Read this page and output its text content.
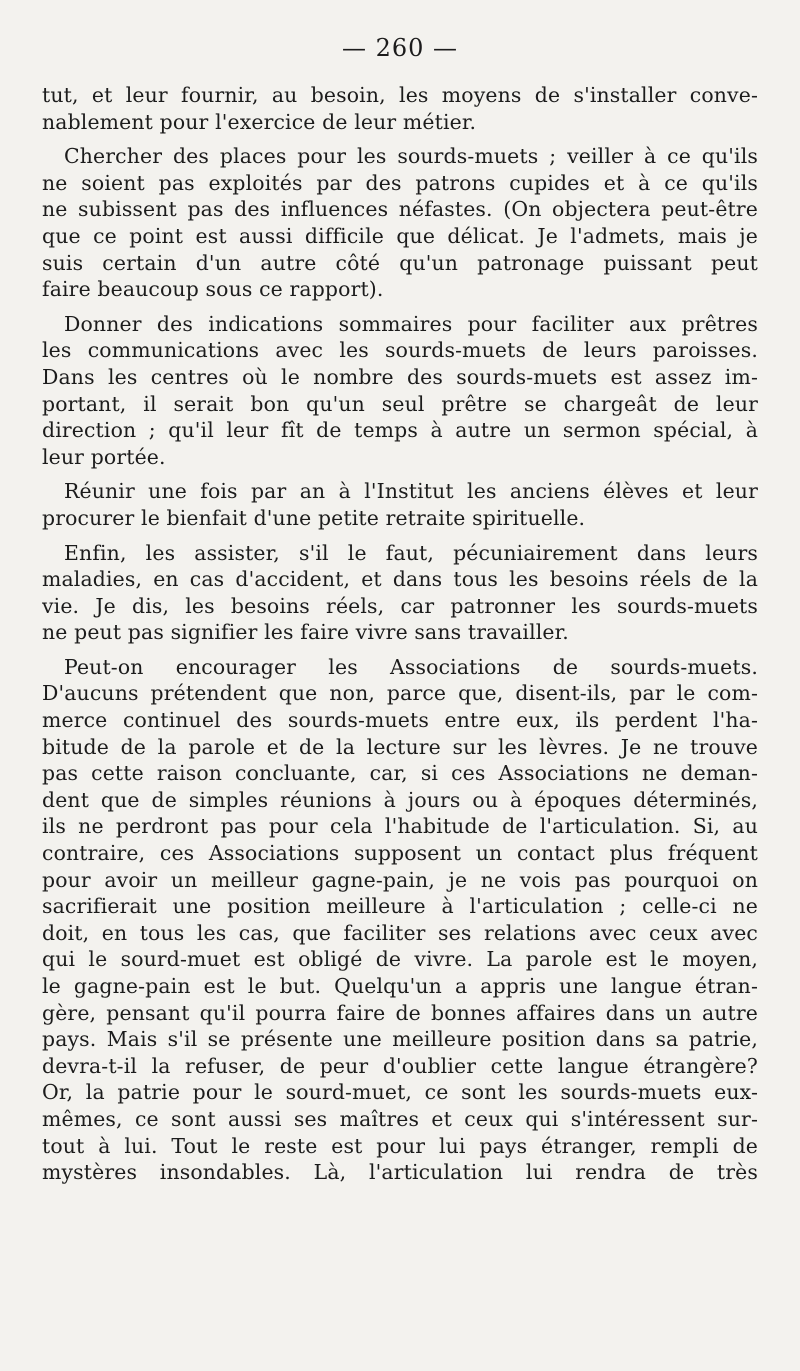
— 260 —
tut, et leur fournir, au besoin, les moyens de s'installer conve-
nablement pour l'exercice de leur métier.
Chercher des places pour les sourds-muets ; veiller à ce qu'ils
ne soient pas exploités par des patrons cupides et à ce qu'ils
ne subissent pas des influences néfastes. (On objectera peut-être
que ce point est aussi difficile que délicat. Je l'admets, mais je
suis certain d'un autre côté qu'un patronage puissant peut
faire beaucoup sous ce rapport).
Donner des indications sommaires pour faciliter aux prêtres
les communications avec les sourds-muets de leurs paroisses.
Dans les centres où le nombre des sourds-muets est assez im-
portant, il serait bon qu'un seul prêtre se chargeât de leur
direction ; qu'il leur fît de temps à autre un sermon spécial, à
leur portée.
Réunir une fois par an à l'Institut les anciens élèves et leur
procurer le bienfait d'une petite retraite spirituelle.
Enfin, les assister, s'il le faut, pécuniairement dans leurs
maladies, en cas d'accident, et dans tous les besoins réels de la
vie. Je dis, les besoins réels, car patronner les sourds-muets
ne peut pas signifier les faire vivre sans travailler.
Peut-on encourager les Associations de sourds-muets.
D'aucuns prétendent que non, parce que, disent-ils, par le com-
merce continuel des sourds-muets entre eux, ils perdent l'ha-
bitude de la parole et de la lecture sur les lèvres. Je ne trouve
pas cette raison concluante, car, si ces Associations ne deman-
dent que de simples réunions à jours ou à époques déterminés,
ils ne perdront pas pour cela l'habitude de l'articulation. Si, au
contraire, ces Associations supposent un contact plus fréquent
pour avoir un meilleur gagne-pain, je ne vois pas pourquoi on
sacrifierait une position meilleure à l'articulation ; celle-ci ne
doit, en tous les cas, que faciliter ses relations avec ceux avec
qui le sourd-muet est obligé de vivre. La parole est le moyen,
le gagne-pain est le but. Quelqu'un a appris une langue étran-
gère, pensant qu'il pourra faire de bonnes affaires dans un autre
pays. Mais s'il se présente une meilleure position dans sa patrie,
devra-t-il la refuser, de peur d'oublier cette langue étrangère?
Or, la patrie pour le sourd-muet, ce sont les sourds-muets eux-
mêmes, ce sont aussi ses maîtres et ceux qui s'intéressent sur-
tout à lui. Tout le reste est pour lui pays étranger, rempli de
mystères insondables. Là, l'articulation lui rendra de très
